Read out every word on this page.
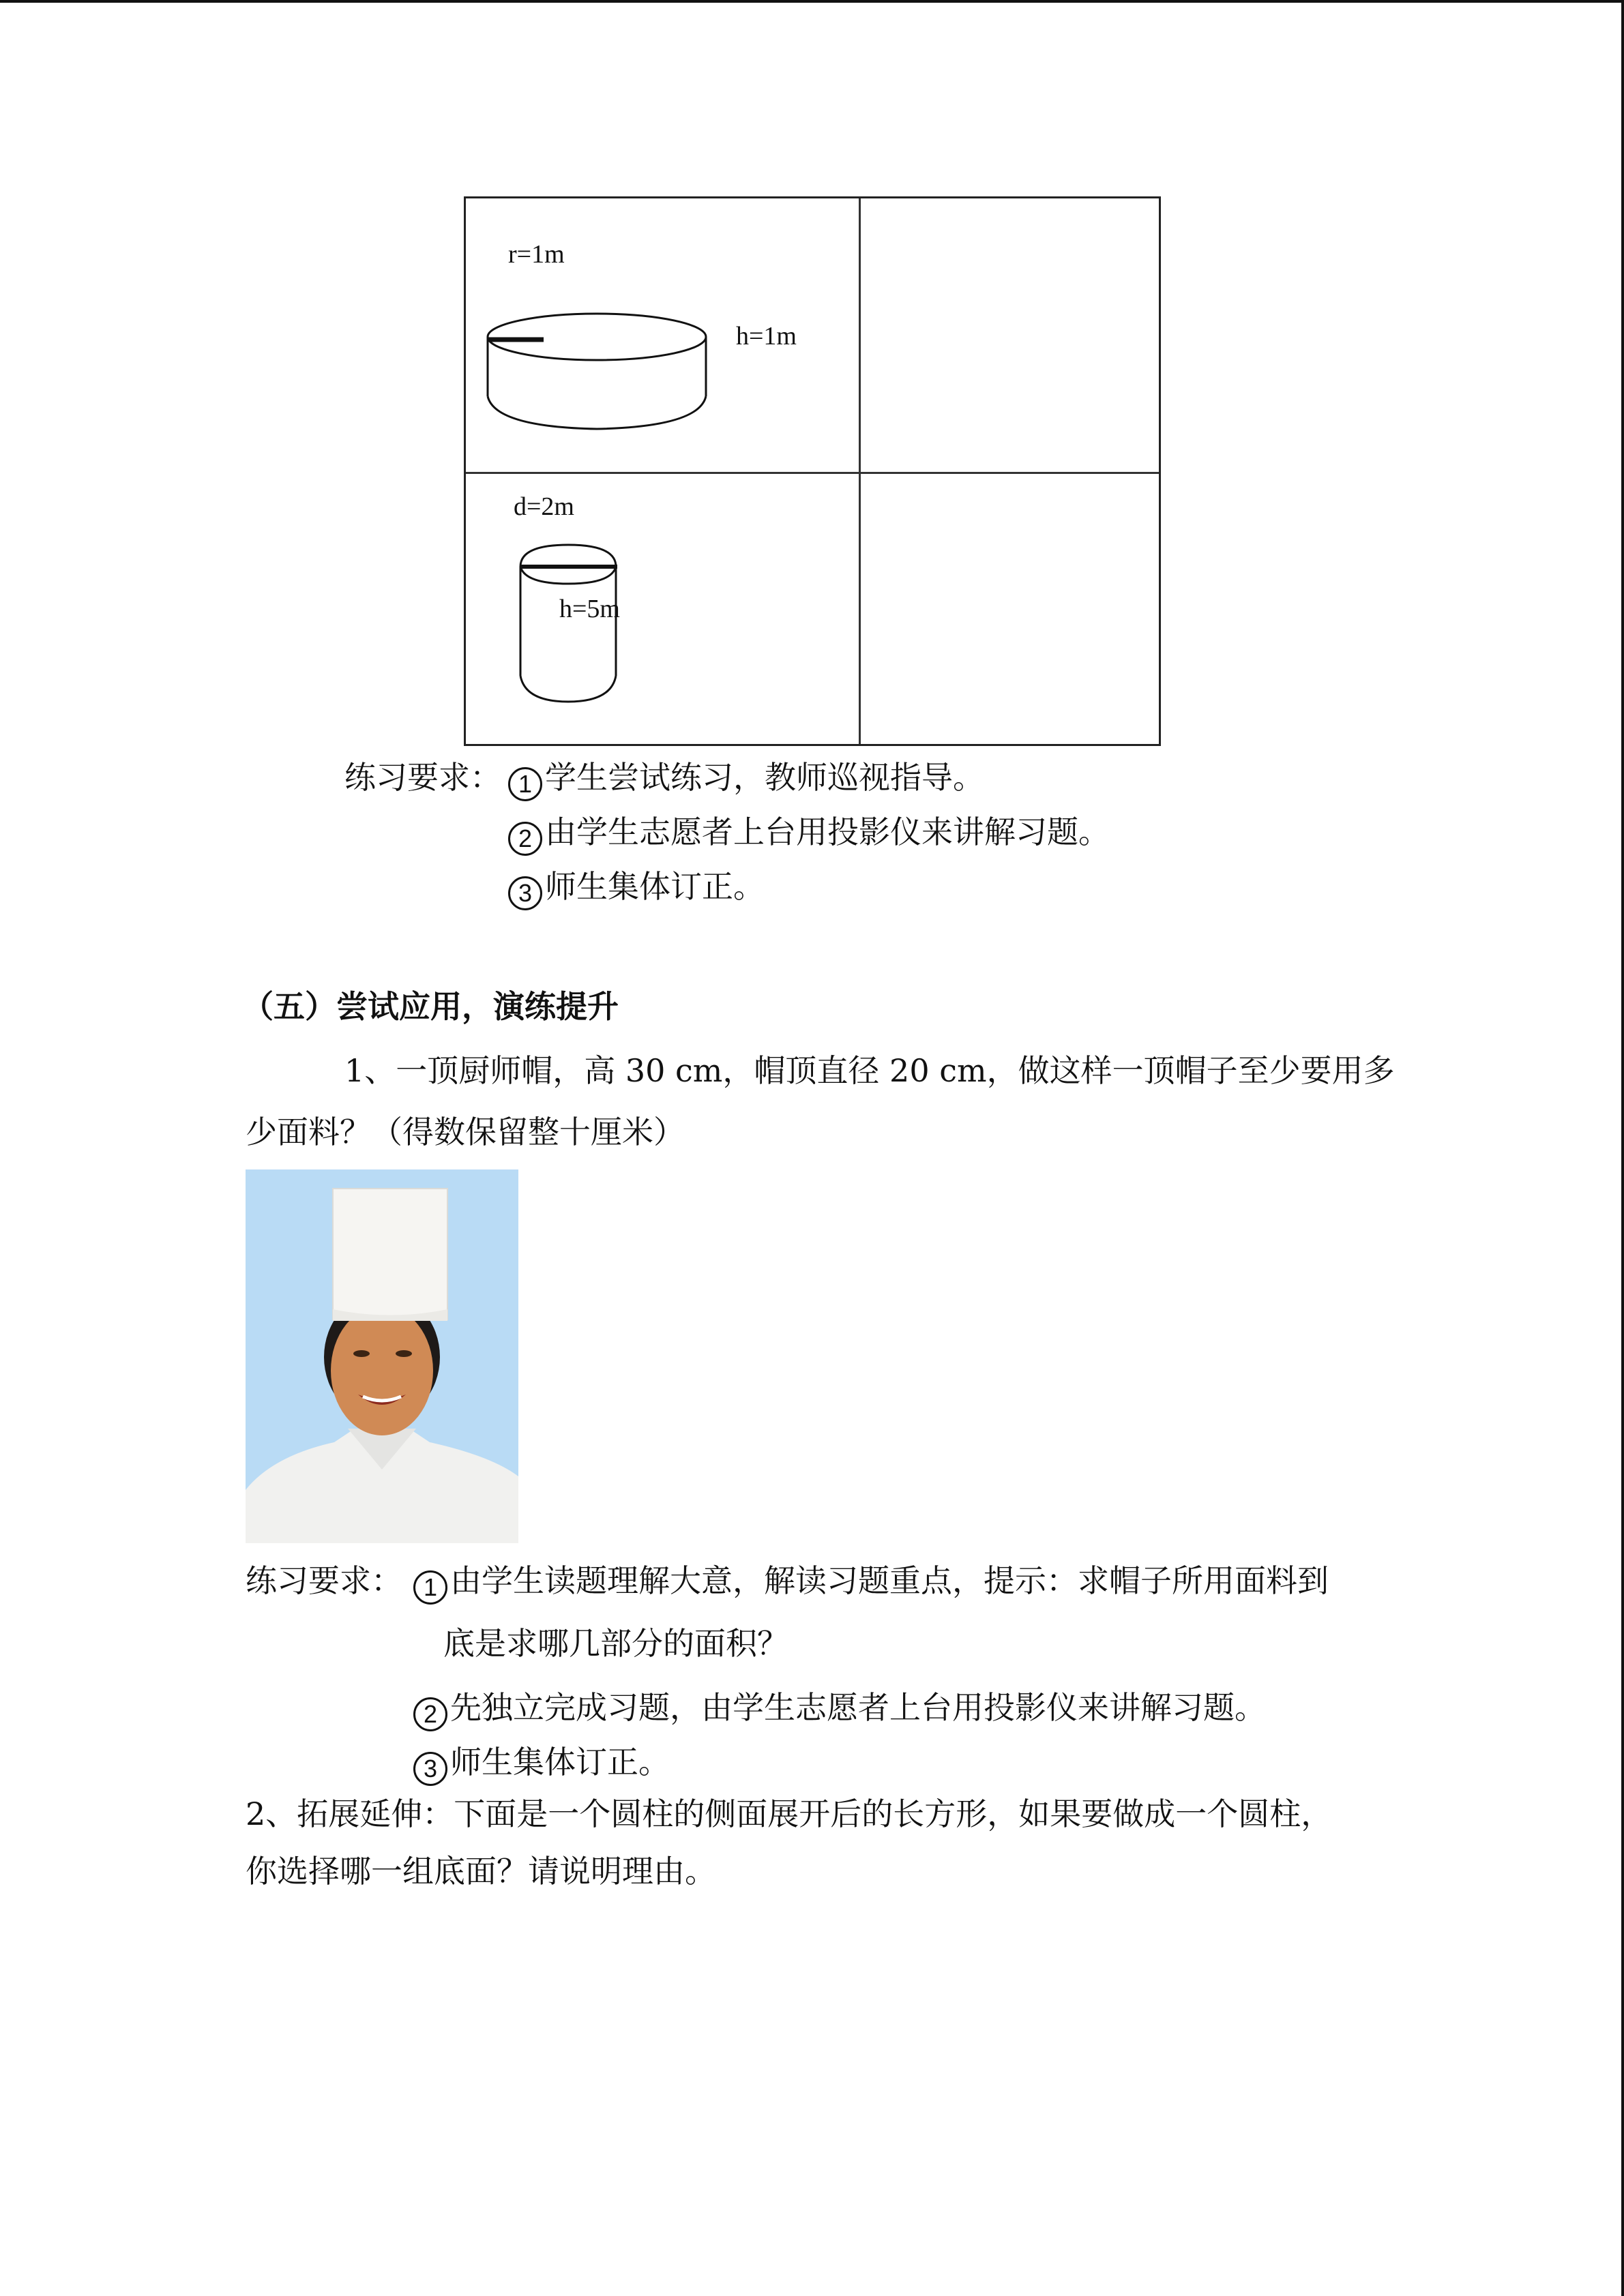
r=1m
h=1m
d=2m
h=5m
练习要求： 1 学生尝试练习，教师巡视指导。
2 由学生志愿者上台用投影仪来讲解习题。
3 师生集体订正。
（五）尝试应用，演练提升
1、一顶厨师帽，高 30 cm，帽顶直径 20 cm，做这样一顶帽子至少要用多
少面料？（得数保留整十厘米）
练习要求： 1 由学生读题理解大意，解读习题重点，提示：求帽子所用面料到
底是求哪几部分的面积？
2 先独立完成习题，由学生志愿者上台用投影仪来讲解习题。
3 师生集体订正。
2、拓展延伸：下面是一个圆柱的侧面展开后的长方形，如果要做成一个圆柱，
你选择哪一组底面？请说明理由。
